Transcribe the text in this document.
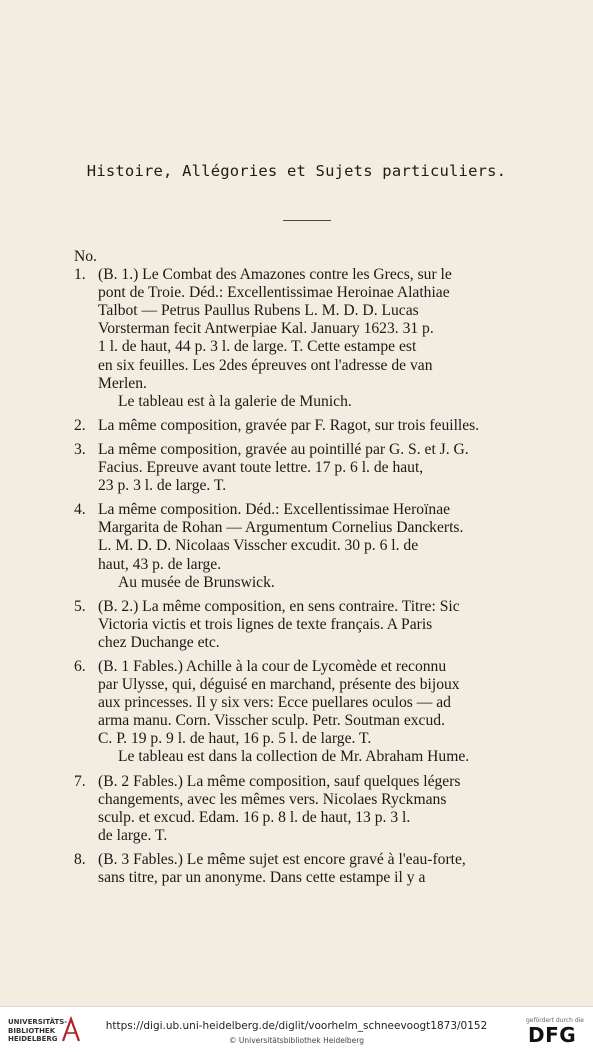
Histoire, Allégories et Sujets particuliers.
No.
1. (B. 1.) Le Combat des Amazones contre les Grecs, sur le
pont de Troie. Déd.: Excellentissimae Heroinae Alathiae
Talbot — Petrus Paullus Rubens L. M. D. D. Lucas
Vorsterman fecit Antwerpiae Kal. January 1623. 31 p.
1 l. de haut, 44 p. 3 l. de large. T. Cette estampe est
en six feuilles. Les 2des épreuves ont l'adresse de van
Merlen.
Le tableau est à la galerie de Munich.
2. La même composition, gravée par F. Ragot, sur trois feuilles.
3. La même composition, gravée au pointillé par G. S. et J. G.
Facius. Epreuve avant toute lettre. 17 p. 6 l. de haut,
23 p. 3 l. de large. T.
4. La même composition. Déd.: Excellentissimae Heroïnae
Margarita de Rohan — Argumentum Cornelius Danckerts.
L. M. D. D. Nicolaas Visscher excudit. 30 p. 6 l. de
haut, 43 p. de large.
Au musée de Brunswick.
5. (B. 2.) La même composition, en sens contraire. Titre: Sic
Victoria victis et trois lignes de texte français. A Paris
chez Duchange etc.
6. (B. 1 Fables.) Achille à la cour de Lycomède et reconnu
par Ulysse, qui, déguisé en marchand, présente des bijoux
aux princesses. Il y six vers: Ecce puellares oculos — ad
arma manu. Corn. Visscher sculp. Petr. Soutman excud.
C. P. 19 p. 9 l. de haut, 16 p. 5 l. de large. T.
Le tableau est dans la collection de Mr. Abraham Hume.
7. (B. 2 Fables.) La même composition, sauf quelques légers
changements, avec les mêmes vers. Nicolaes Ryckmans
sculp. et excud. Edam. 16 p. 8 l. de haut, 13 p. 3 l.
de large. T.
8. (B. 3 Fables.) Le même sujet est encore gravé à l'eau-forte,
sans titre, par un anonyme. Dans cette estampe il y a
UNIVERSITÄTS-
BIBLIOTHEK
HEIDELBERG
https://digi.ub.uni-heidelberg.de/diglit/voorhelm_schneevoogt1873/0152
© Universitätsbibliothek Heidelberg
gefördert durch die
DFG
